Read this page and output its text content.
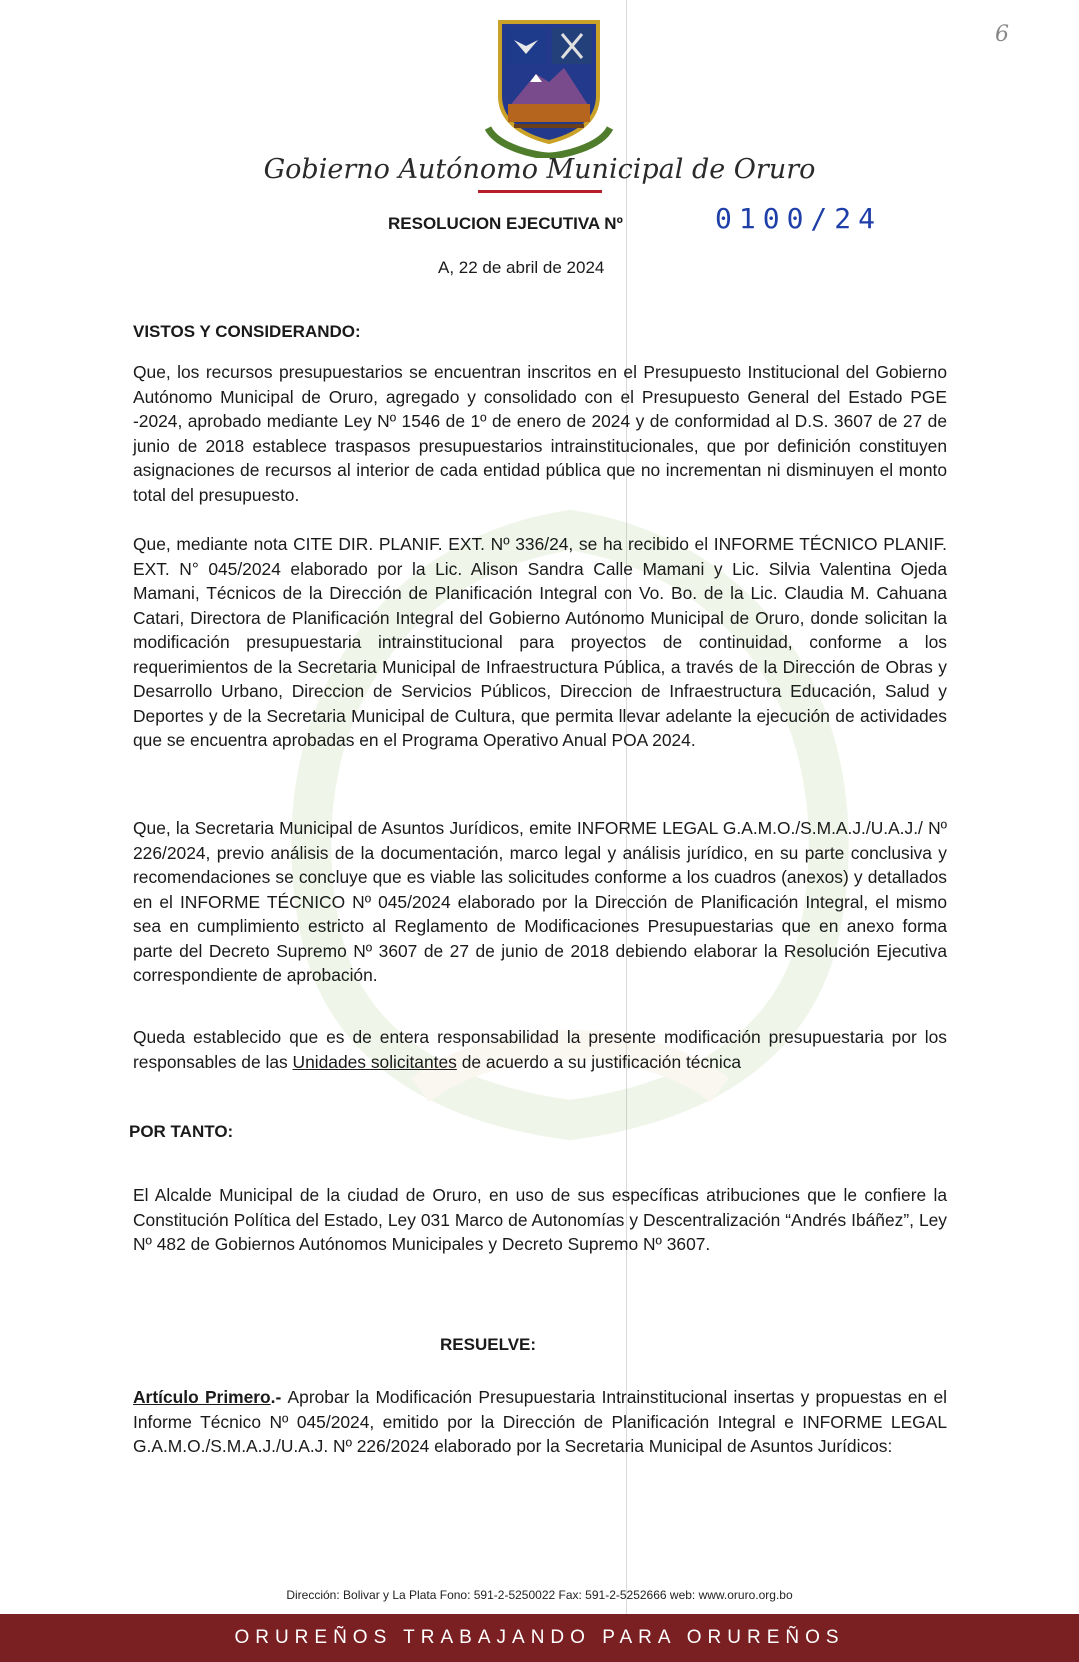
6
Gobierno Autónomo Municipal de Oruro
RESOLUCION EJECUTIVA Nº	0100/24
A, 22 de abril de 2024
VISTOS Y CONSIDERANDO:

Que, los recursos presupuestarios se encuentran inscritos en el Presupuesto Institucional del Gobierno Autónomo Municipal de Oruro, agregado y consolidado con el Presupuesto General del Estado PGE -2024, aprobado mediante Ley Nº 1546 de 1º de enero de 2024 y de conformidad al D.S. 3607 de 27 de junio de 2018 establece traspasos presupuestarios intrainstitucionales, que por definición constituyen asignaciones de recursos al interior de cada entidad pública que no incrementan ni disminuyen el monto total del presupuesto.

Que, mediante nota CITE DIR. PLANIF. EXT. Nº 336/24, se ha recibido el INFORME TÉCNICO PLANIF. EXT. N° 045/2024 elaborado por la Lic. Alison Sandra Calle Mamani y Lic. Silvia Valentina Ojeda Mamani, Técnicos de la Dirección de Planificación Integral con Vo. Bo. de la Lic. Claudia M. Cahuana Catari, Directora de Planificación Integral del Gobierno Autónomo Municipal de Oruro, donde solicitan la modificación presupuestaria intrainstitucional para proyectos de continuidad, conforme a los requerimientos de la Secretaria Municipal de Infraestructura Pública, a través de la Dirección de Obras y Desarrollo Urbano, Direccion de Servicios Públicos, Direccion de Infraestructura Educación, Salud y Deportes y de la Secretaria Municipal de Cultura, que permita llevar adelante la ejecución de actividades que se encuentra aprobadas en el Programa Operativo Anual POA 2024.

Que, la Secretaria Municipal de Asuntos Jurídicos, emite INFORME LEGAL G.A.M.O./S.M.A.J./U.A.J./ Nº 226/2024, previo análisis de la documentación, marco legal y análisis jurídico, en su parte conclusiva y recomendaciones se concluye que es viable las solicitudes conforme a los cuadros (anexos) y detallados en el INFORME TÉCNICO Nº 045/2024 elaborado por la Dirección de Planificación Integral, el mismo sea en cumplimiento estricto al Reglamento de Modificaciones Presupuestarias que en anexo forma parte del Decreto Supremo Nº 3607 de 27 de junio de 2018 debiendo elaborar la Resolución Ejecutiva correspondiente de aprobación.

Queda establecido que es de entera responsabilidad la presente modificación presupuestaria por los responsables de las Unidades solicitantes de acuerdo a su justificación técnica

POR TANTO:

El Alcalde Municipal de la ciudad de Oruro, en uso de sus específicas atribuciones que le confiere la Constitución Política del Estado, Ley 031 Marco de Autonomías y Descentralización “Andrés Ibáñez”, Ley Nº 482 de Gobiernos Autónomos Municipales y Decreto Supremo Nº 3607.

RESUELVE:

Artículo Primero.- Aprobar la Modificación Presupuestaria Intrainstitucional insertas y propuestas en el Informe Técnico Nº 045/2024, emitido por la Dirección de Planificación Integral e INFORME LEGAL G.A.M.O./S.M.A.J./U.A.J. Nº 226/2024 elaborado por la Secretaria Municipal de Asuntos Jurídicos:

Dirección: Bolivar y La Plata Fono: 591-2-5250022 Fax: 591-2-5252666 web: www.oruro.org.bo
ORUREÑOS TRABAJANDO PARA ORUREÑOS
